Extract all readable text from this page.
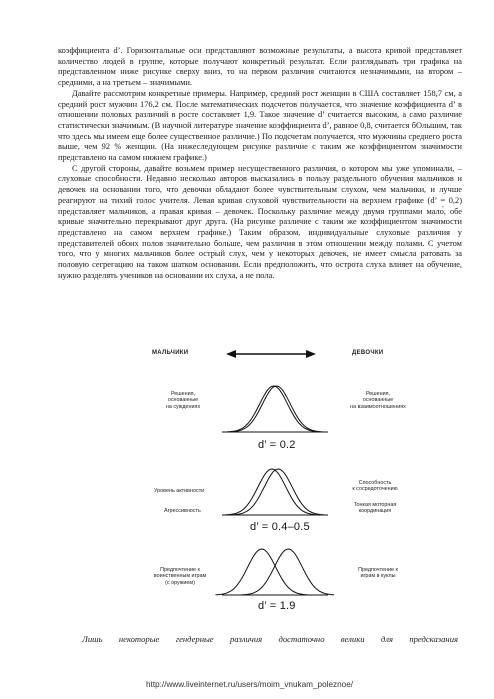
коэффициента d’. Горизонтальные оси представляют возможные результаты, а высота кривой представляет количество людей в группе, которые получают конкретный результат. Если разглядывать три графика на представленном ниже рисунке сверху вниз, то на первом различия считаются незначимыми, на втором – средними, а на третьем – значимыми.

Давайте рассмотрим конкретные примеры. Например, средний рост женщин в США составляет 158,7 см, а средний рост мужчин 176,2 см. После математических подсчетов получается, что значение коэффициента d’ в отношении половых различий в росте составляет 1,9. Такое значение d’ считается высоким, а само различие статистически значимым. (В научной литературе значение коэффициента d’, равное 0,8, считается бОльшим, так что здесь мы имеем еще более существенное различие.) По подсчетам получается, что мужчины среднего роста выше, чем 92 % женщин. (На нижеследующем рисунке различие с таким же коэффициентом значимости представлено на самом нижнем графике.)

С другой стороны, давайте возьмем пример несущественного различия, о котором мы уже упоминали, – слуховые способности. Недавно несколько авторов высказались в пользу раздельного обучения мальчиков и девочек на основании того, что девочки обладают более чувствительным слухом, чем мальчики, и лучше реагируют на тихий голос учителя. Левая кривая слуховой чувствительности на верхнем графике (d’ = 0,2) представляет мальчиков, а правая кривая – девочек. Поскольку различие между двумя группами мало́, обе кривые значительно перекрывают друг друга. (На рисунке различие с таким же коэффициентом значимости представлено на самом верхнем графике.) Таким образом, индивидуальные слуховые различия у представителей обоих полов значительно больше, чем различия в этом отношении между полами. С учетом того, что у многих мальчиков более острый слух, чем у некоторых девочек, не имеет смысла ратовать за половую сегрегацию на таком шатком основании. Если предположить, что острота слуха влияет на обучение, нужно разделять учеников на основании их слуха, а не пола.

МАЛЬЧИКИ	ДЕВОЧКИ
Решения,
основанные
на суждениях
Решения,
основанные
на взаимоотношениях
d’ = 0.2
Уровень активности
Агрессивность
Способность
к сосредоточению
Тонкая моторная
координация
d’ = 0.4–0.5
Предпочтение к
воинственным играм
(с оружием)
Предпочтение к
играм в куклы
d’ = 1.9
Лишь некоторые гендерные различия достаточно велики для предсказания
http://www.liveinternet.ru/users/moim_vnukam_poleznoe/
